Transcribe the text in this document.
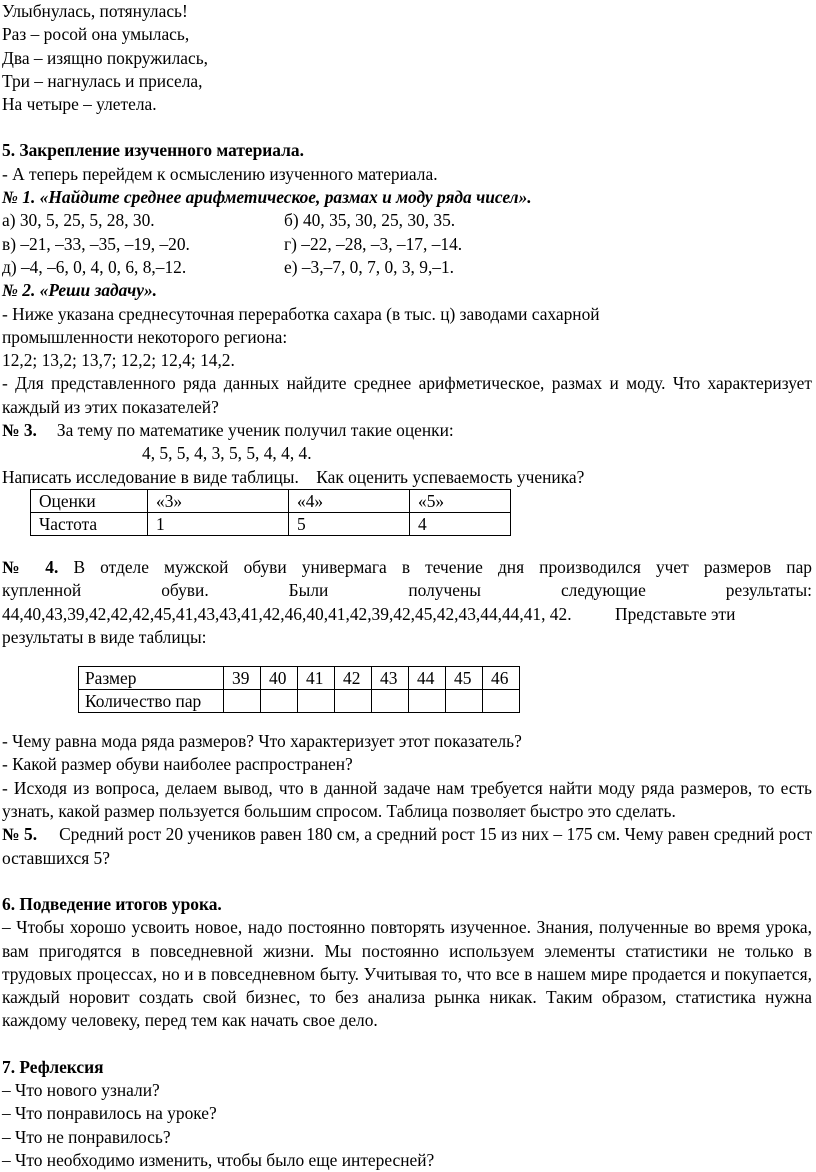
Улыбнулась, потянулась!

Раз – росой она умылась,

Два – изящно покружилась,

Три – нагнулась и присела,

На четыре – улетела.

5. Закрепление изученного материала.

- А теперь перейдем к осмыслению изученного материала.

№ 1. «Найдите среднее арифметическое, размах и моду ряда чисел».

а) 30, 5, 25, 5, 28, 30.	б) 40, 35, 30, 25, 30, 35.
в) –21, –33, –35, –19, –20.	г) –22, –28, –3, –17, –14.
д) –4, –6, 0, 4, 0, 6, 8,–12.	е) –3,–7, 0, 7, 0, 3, 9,–1.

№ 2. «Реши задачу».

- Ниже указана среднесуточная переработка сахара (в тыс. ц) заводами сахарной

промышленности некоторого региона:

12,2; 13,2; 13,7; 12,2; 12,4; 14,2.

- Для представленного ряда данных найдите среднее арифметическое, размах и моду. Что характеризует каждый из этих показателей?

№ 3. За тему по математике ученик получил такие оценки:

4, 5, 5, 4, 3, 5, 5, 4, 4, 4.

Написать исследование в виде таблицы.    Как оценить успеваемость ученика?

Оценки	«3»	«4»	«5»
Частота	1	5	4

№ 4. В отделе мужской обуви универмага в течение дня производился учет размеров пар

купленной обуви. Были получены следующие результаты:

44,40,43,39,42,42,42,45,41,43,43,41,42,46,40,41,42,39,42,45,42,43,44,44,41, 42.          Представьте эти

результаты в виде таблицы:

Размер	39	40	41	42	43	44	45	46
Количество пар								

- Чему равна мода ряда размеров? Что характеризует этот показатель?

- Какой размер обуви наиболее распространен?

- Исходя из вопроса, делаем вывод, что в данной задаче нам требуется найти моду ряда размеров, то есть узнать, какой размер пользуется большим спросом. Таблица позволяет быстро это сделать.

№ 5. Средний рост 20 учеников равен 180 см, а средний рост 15 из них – 175 см. Чему равен средний рост оставшихся 5?

6. Подведение итогов урока.

– Чтобы хорошо усвоить новое, надо постоянно повторять изученное. Знания, полученные во время урока, вам пригодятся в повседневной жизни. Мы постоянно используем элементы статистики не только в трудовых процессах, но и в повседневном быту. Учитывая то, что все в нашем мире продается и покупается, каждый норовит создать свой бизнес, то без анализа рынка никак. Таким образом, статистика нужна каждому человеку, перед тем как начать свое дело.

7. Рефлексия

– Что нового узнали?

– Что понравилось на уроке?

– Что не понравилось?

– Что необходимо изменить, чтобы было еще интересней?
